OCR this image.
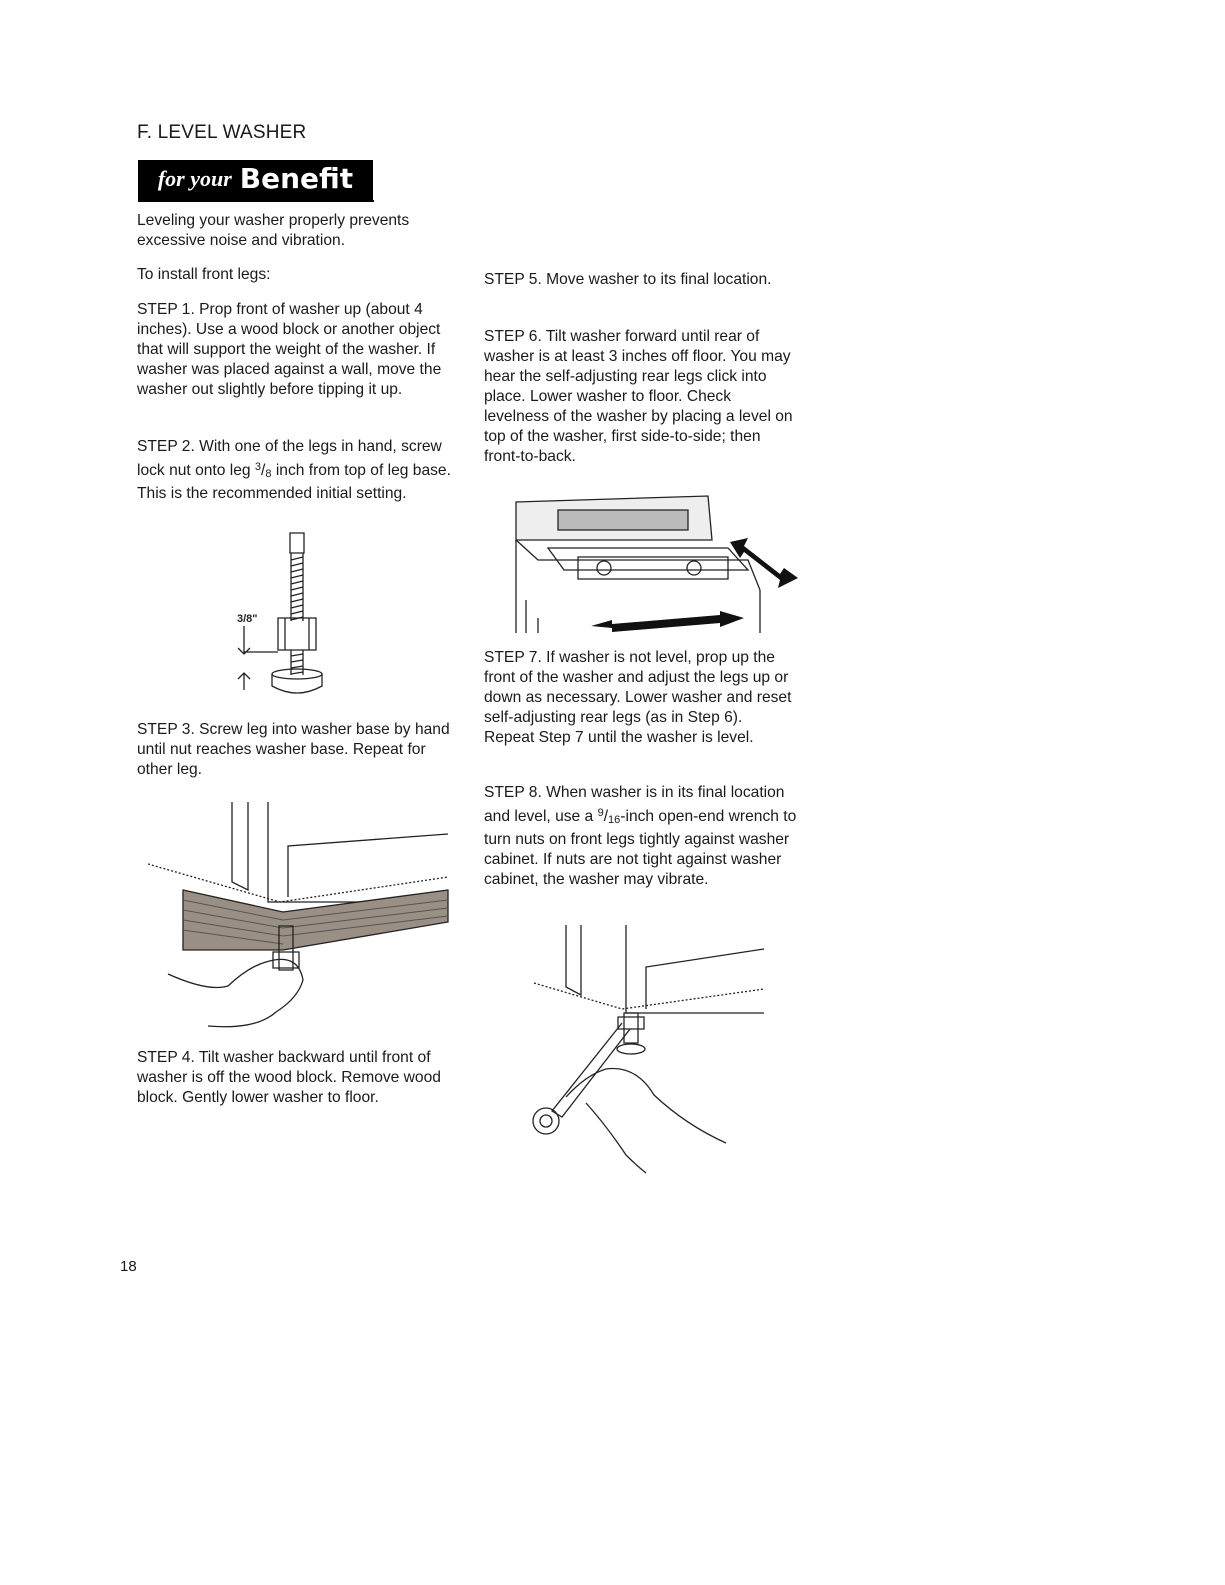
F. LEVEL WASHER
for your Benefit

Leveling your washer properly prevents excessive noise and vibration.

To install front legs:

STEP 1. Prop front of washer up (about 4 inches). Use a wood block or another object that will support the weight of the washer. If washer was placed against a wall, move the washer out slightly before tipping it up.

STEP 2. With one of the legs in hand, screw lock nut onto leg $^3/_8$ inch from top of leg base. This is the recommended initial setting.

3/8"

STEP 3. Screw leg into washer base by hand until nut reaches washer base. Repeat for other leg.

STEP 4. Tilt washer backward until front of washer is off the wood block. Remove wood block. Gently lower washer to floor.

STEP 5. Move washer to its final location.

STEP 6. Tilt washer forward until rear of washer is at least 3 inches off floor. You may hear the self-adjusting rear legs click into place. Lower washer to floor. Check levelness of the washer by placing a level on top of the washer, first side-to-side; then front-to-back.

STEP 7. If washer is not level, prop up the front of the washer and adjust the legs up or down as necessary. Lower washer and reset self-adjusting rear legs (as in Step 6). Repeat Step 7 until the washer is level.

STEP 8. When washer is in its final location and level, use a $^9/_{16}$-inch open-end wrench to turn nuts on front legs tightly against washer cabinet. If nuts are not tight against washer cabinet, the washer may vibrate.

18
